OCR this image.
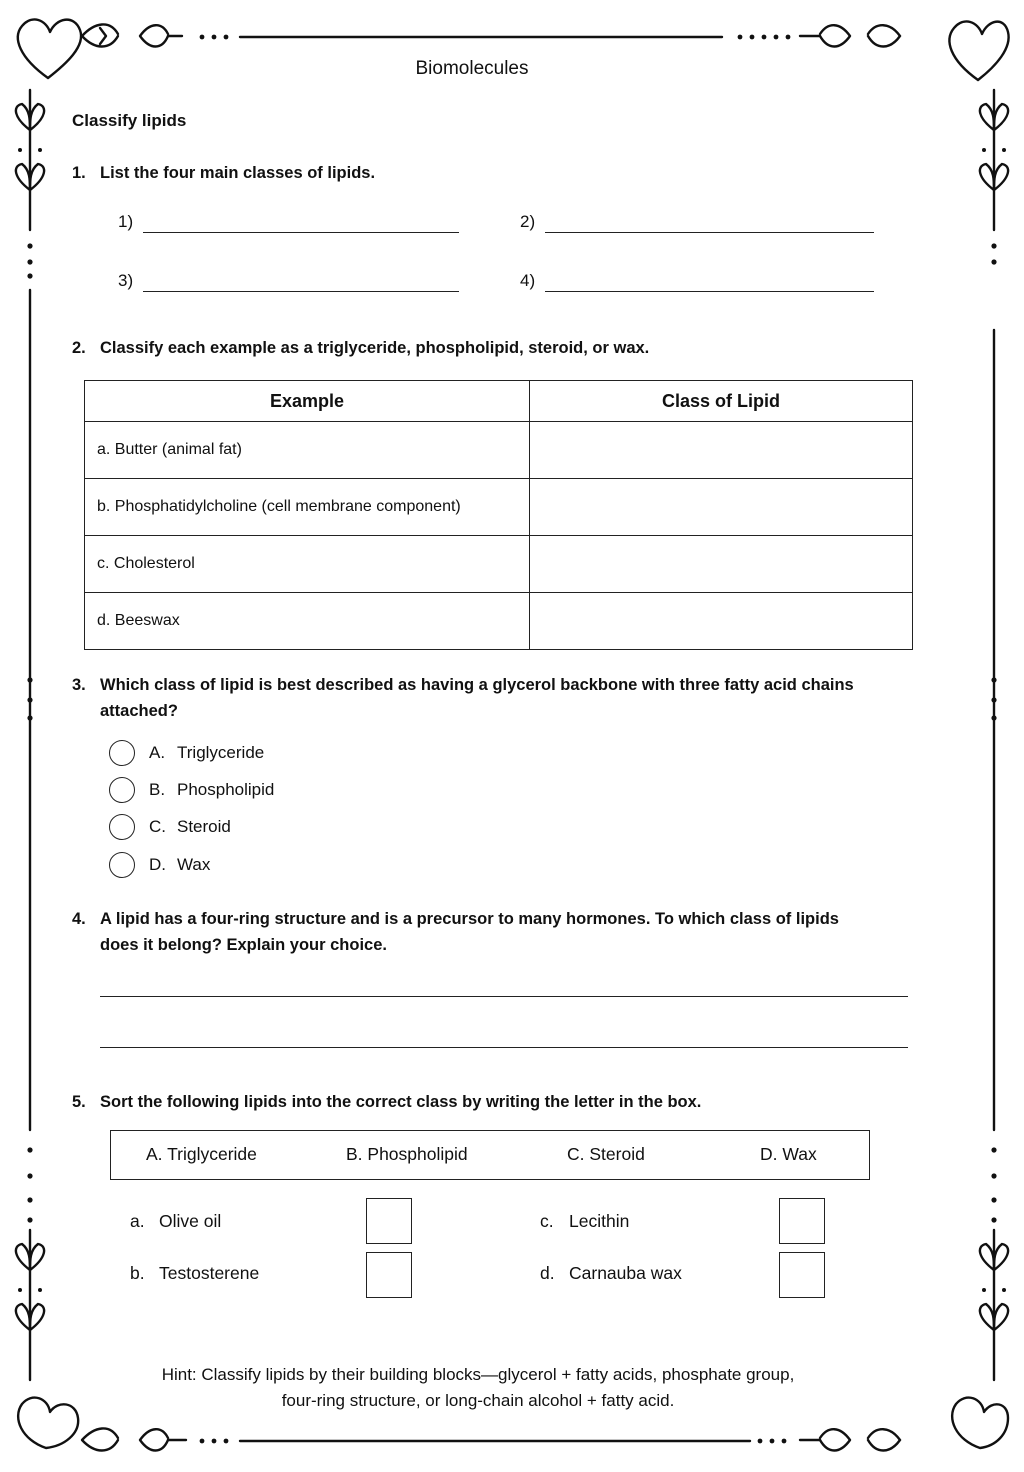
Biomolecules
Classify lipids
1. List the four main classes of lipids.
1)	2)
3)	4)
2. Classify each example as a triglyceride, phospholipid, steroid, or wax.
Example	Class of Lipid
a. Butter (animal fat)	
b. Phosphatidylcholine (cell membrane component)	
c. Cholesterol	
d. Beeswax	
3. Which class of lipid is best described as having a glycerol backbone with three fatty acid chains attached?
A. Triglyceride
B. Phospholipid
C. Steroid
D. Wax
4. A lipid has a four-ring structure and is a precursor to many hormones. To which class of lipids does it belong? Explain your choice.
5. Sort the following lipids into the correct class by writing the letter in the box.
A. Triglyceride	B. Phospholipid	C. Steroid	D. Wax
a. Olive oil
b. Testosterene
c. Lecithin
d. Carnauba wax
Hint: Classify lipids by their building blocks—glycerol + fatty acids, phosphate group,
four-ring structure, or long-chain alcohol + fatty acid.
